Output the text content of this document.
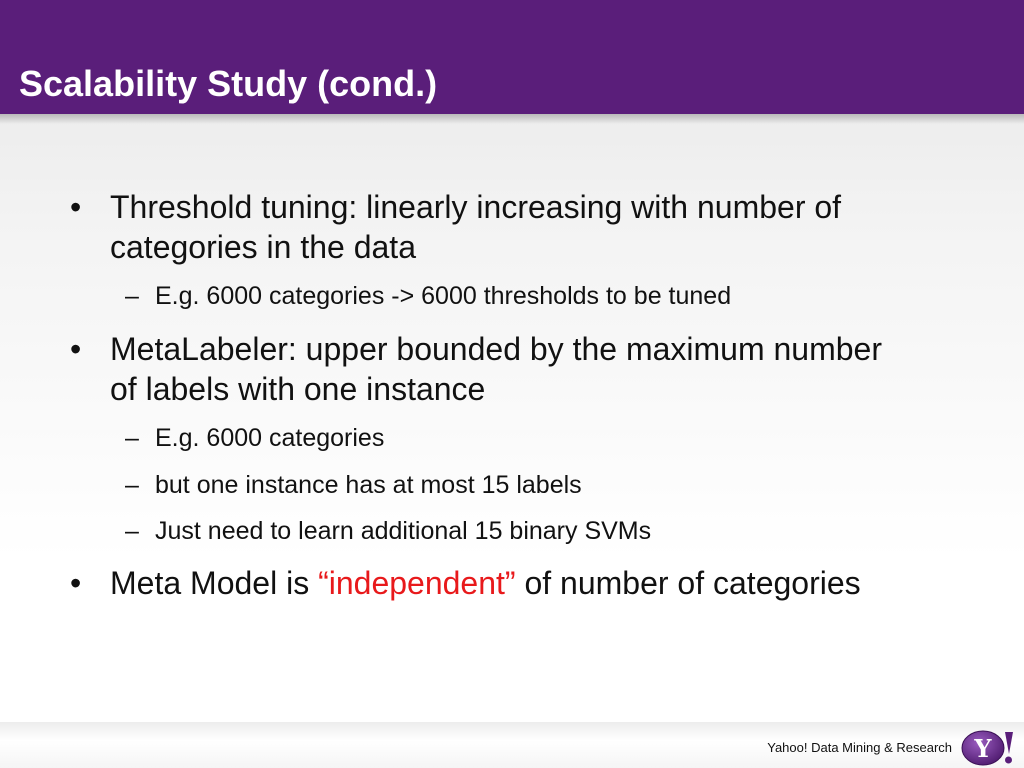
Scalability Study (cond.)
• Threshold tuning: linearly increasing with number of
categories in the data
– E.g. 6000 categories -> 6000 thresholds to be tuned
• MetaLabeler: upper bounded by the maximum number
of labels with one instance
– E.g. 6000 categories
– but one instance has at most 15 labels
– Just need to learn additional 15 binary SVMs
• Meta Model is “independent” of number of categories
Yahoo! Data Mining & Research Y
